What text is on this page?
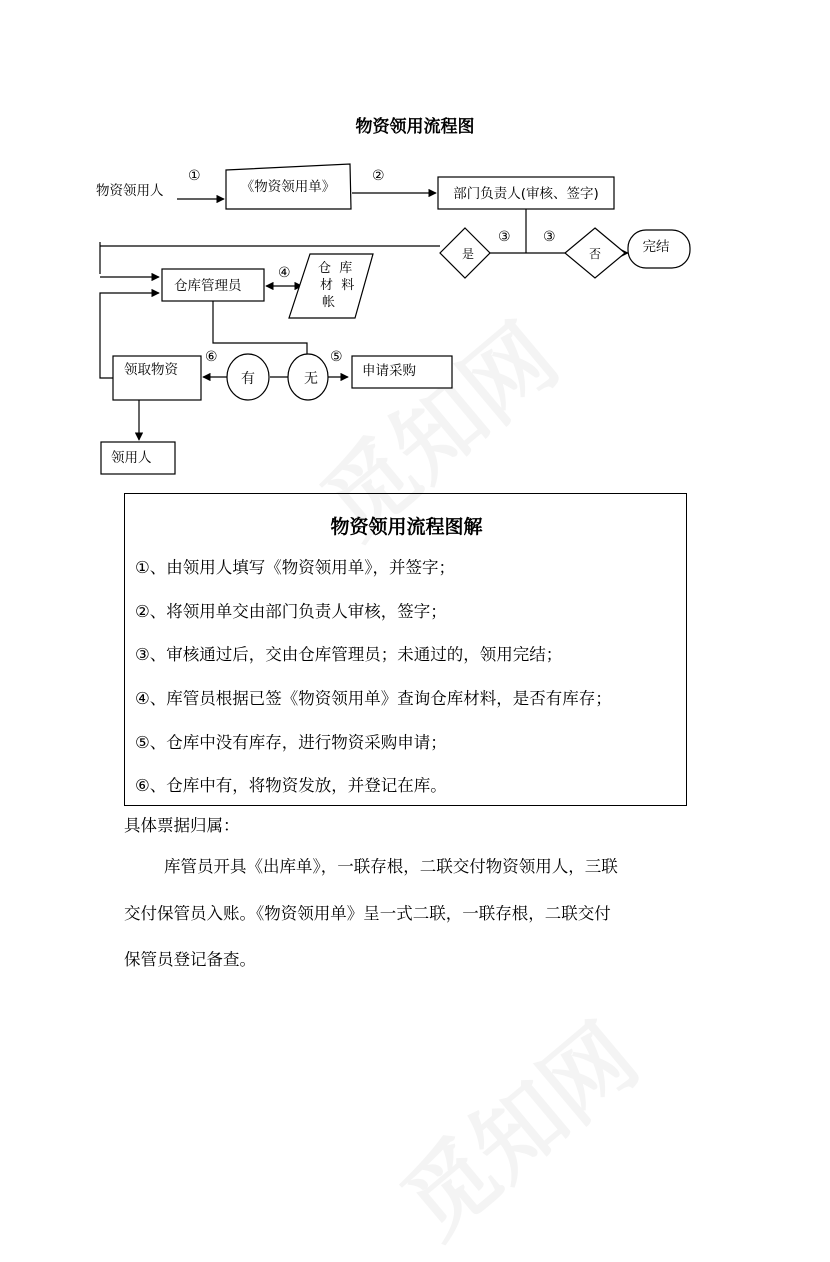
物资领用流程图
物资领用人	《物资领用单》	部门负责人(审核、签字)
是	否	完结
仓库管理员
仓  库
材  料
帐
领取物资
有	无	申请采购
领用人
①	②
③ ③
④
⑤
⑥
物资领用流程图解
①、由领用人填写《物资领用单》，并签字；
②、将领用单交由部门负责人审核，签字；
③、审核通过后，交由仓库管理员；未通过的，领用完结；
④、库管员根据已签《物资领用单》查询仓库材料，是否有库存；
⑤、仓库中没有库存，进行物资采购申请；
⑥、仓库中有，将物资发放，并登记在库。
具体票据归属：
库管员开具《出库单》，一联存根，二联交付物资领用人，三联
交付保管员入账。《物资领用单》呈一式二联，一联存根，二联交付
保管员登记备查。
